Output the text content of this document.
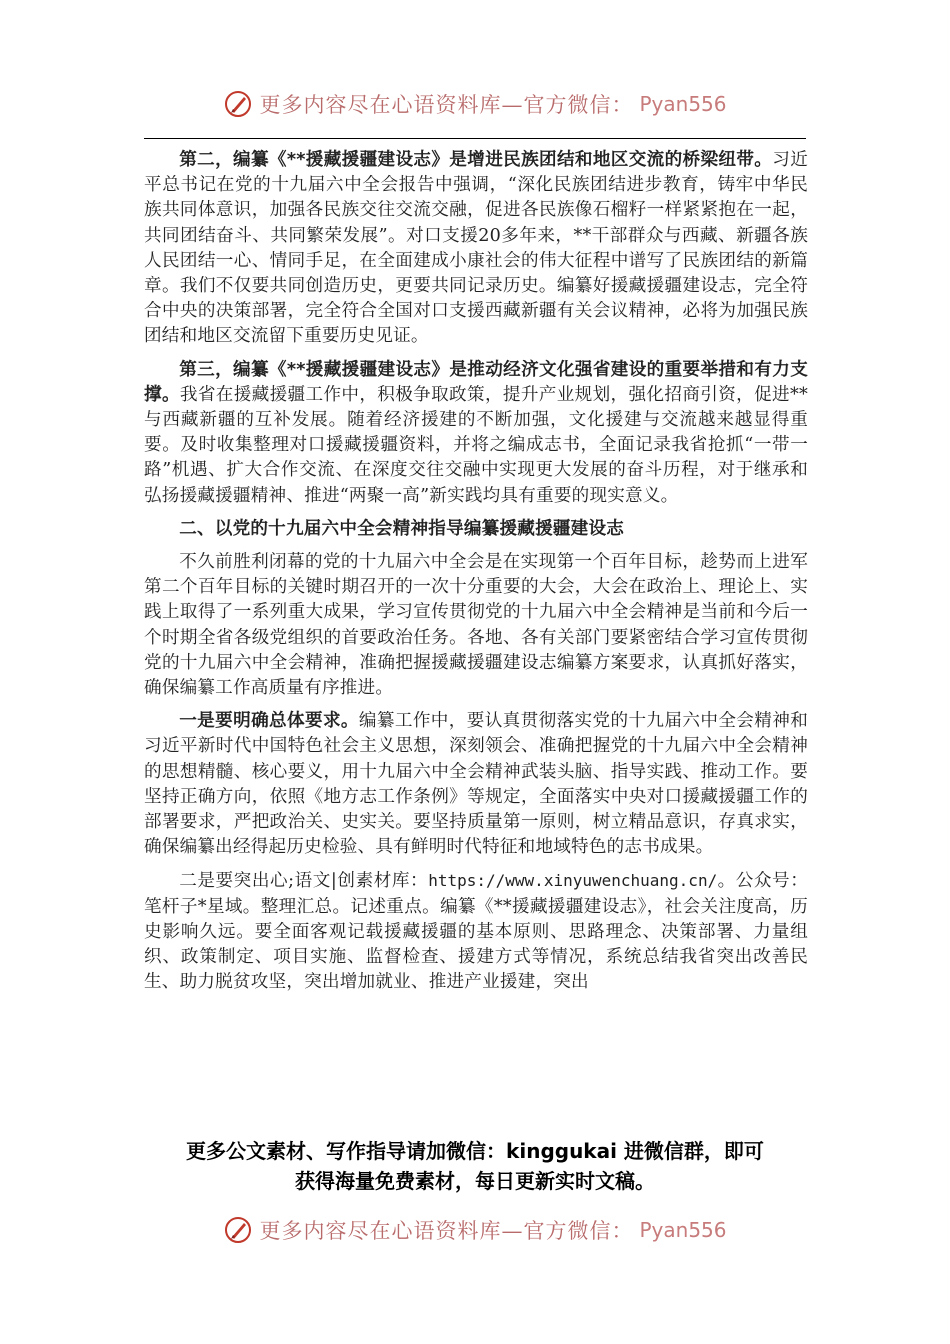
更多内容尽在心语资料库—官方微信： Pyan556

第二，编纂《**援藏援疆建设志》是增进民族团结和地区交流的桥梁纽带。习近平总书记在党的十九届六中全会报告中强调，“深化民族团结进步教育，铸牢中华民族共同体意识，加强各民族交往交流交融，促进各民族像石榴籽一样紧紧抱在一起，共同团结奋斗、共同繁荣发展”。对口支援20多年来，**干部群众与西藏、新疆各族人民团结一心、情同手足，在全面建成小康社会的伟大征程中谱写了民族团结的新篇章。我们不仅要共同创造历史，更要共同记录历史。编纂好援藏援疆建设志，完全符合中央的决策部署，完全符合全国对口支援西藏新疆有关会议精神，必将为加强民族团结和地区交流留下重要历史见证。

第三，编纂《**援藏援疆建设志》是推动经济文化强省建设的重要举措和有力支撑。我省在援藏援疆工作中，积极争取政策，提升产业规划，强化招商引资，促进**与西藏新疆的互补发展。随着经济援建的不断加强，文化援建与交流越来越显得重要。及时收集整理对口援藏援疆资料，并将之编成志书，全面记录我省抢抓“一带一路”机遇、扩大合作交流、在深度交往交融中实现更大发展的奋斗历程，对于继承和弘扬援藏援疆精神、推进“两聚一高”新实践均具有重要的现实意义。

二、以党的十九届六中全会精神指导编纂援藏援疆建设志

不久前胜利闭幕的党的十九届六中全会是在实现第一个百年目标，趁势而上进军第二个百年目标的关键时期召开的一次十分重要的大会，大会在政治上、理论上、实践上取得了一系列重大成果，学习宣传贯彻党的十九届六中全会精神是当前和今后一个时期全省各级党组织的首要政治任务。各地、各有关部门要紧密结合学习宣传贯彻党的十九届六中全会精神，准确把握援藏援疆建设志编纂方案要求，认真抓好落实，确保编纂工作高质量有序推进。

一是要明确总体要求。编纂工作中，要认真贯彻落实党的十九届六中全会精神和习近平新时代中国特色社会主义思想，深刻领会、准确把握党的十九届六中全会精神的思想精髓、核心要义，用十九届六中全会精神武装头脑、指导实践、推动工作。要坚持正确方向，依照《地方志工作条例》等规定，全面落实中央对口援藏援疆工作的部署要求，严把政治关、史实关。要坚持质量第一原则，树立精品意识，存真求实，确保编纂出经得起历史检验、具有鲜明时代特征和地域特色的志书成果。

二是要突出心;语文|创素材库：https://www.xinyuwenchuang.cn/。公众号：笔杆子*星域。整理汇总。记述重点。编纂《**援藏援疆建设志》，社会关注度高，历史影响久远。要全面客观记载援藏援疆的基本原则、思路理念、决策部署、力量组织、政策制定、项目实施、监督检查、援建方式等情况，系统总结我省突出改善民生、助力脱贫攻坚，突出增加就业、推进产业援建，突出

更多公文素材、写作指导请加微信：kinggukai 进微信群，即可
获得海量免费素材，每日更新实时文稿。
更多内容尽在心语资料库—官方微信： Pyan556
